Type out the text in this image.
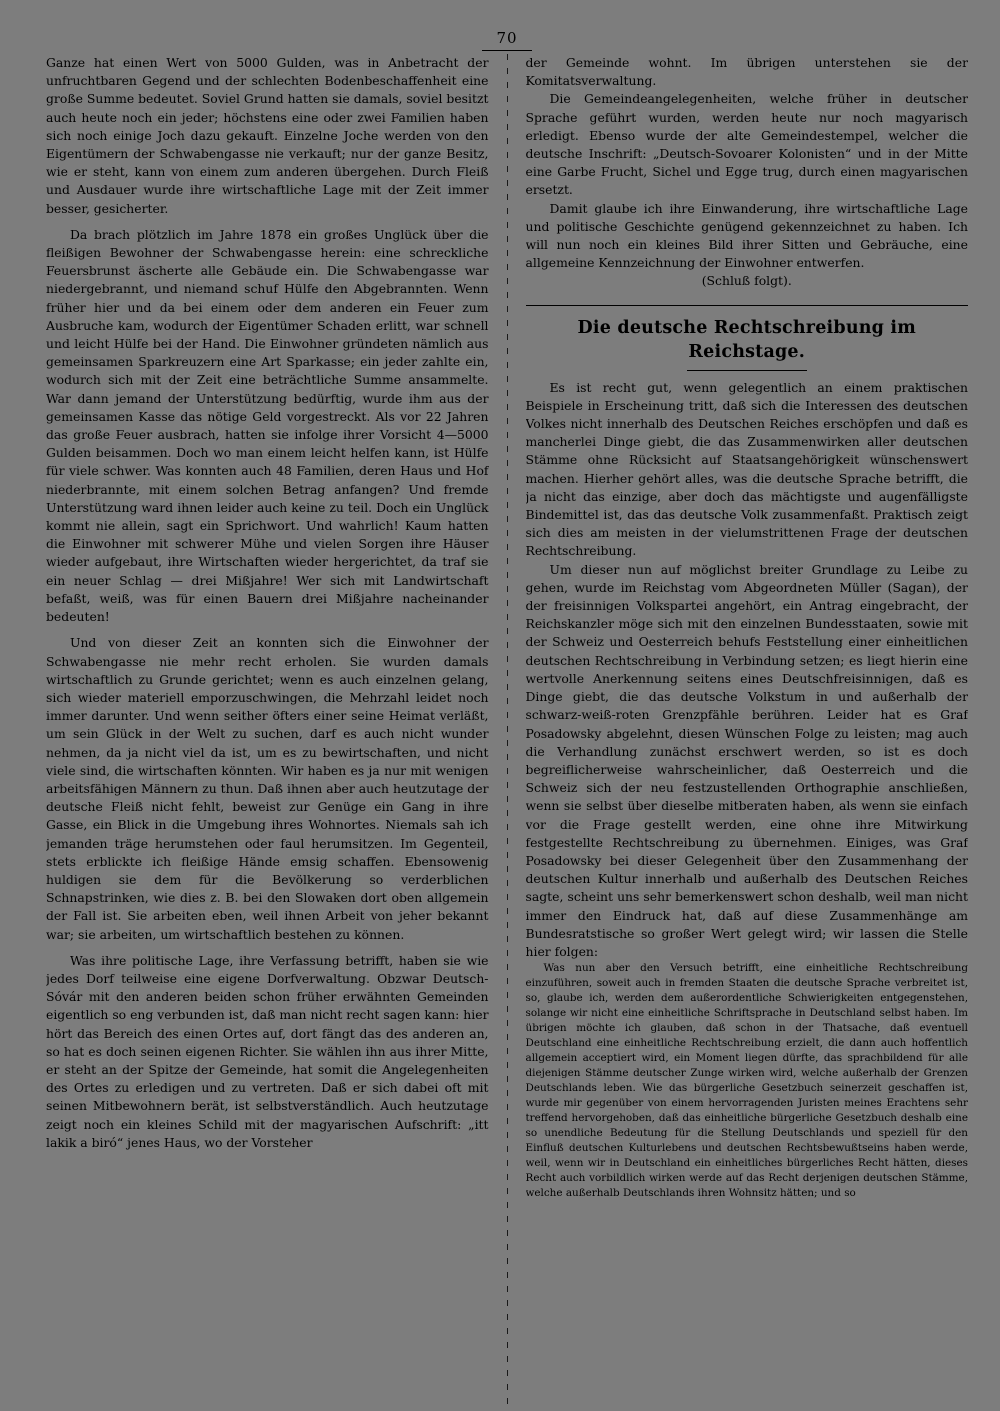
70

Ganze hat einen Wert von 5000 Gulden, was in Anbetracht der unfruchtbaren Gegend und der schlechten Bodenbeschaffenheit eine große Summe bedeutet. Soviel Grund hatten sie damals, soviel besitzt auch heute noch ein jeder; höchstens eine oder zwei Familien haben sich noch einige Joch dazu gekauft. Einzelne Joche werden von den Eigentümern der Schwabengasse nie verkauft; nur der ganze Besitz, wie er steht, kann von einem zum anderen übergehen. Durch Fleiß und Ausdauer wurde ihre wirtschaftliche Lage mit der Zeit immer besser, gesicherter.

Da brach plötzlich im Jahre 1878 ein großes Unglück über die fleißigen Bewohner der Schwabengasse herein: eine schreckliche Feuersbrunst äscherte alle Gebäude ein. Die Schwabengasse war niedergebrannt, und niemand schuf Hülfe den Abgebrannten. Wenn früher hier und da bei einem oder dem anderen ein Feuer zum Ausbruche kam, wodurch der Eigentümer Schaden erlitt, war schnell und leicht Hülfe bei der Hand. Die Einwohner gründeten nämlich aus gemeinsamen Sparkreuzern eine Art Sparkasse; ein jeder zahlte ein, wodurch sich mit der Zeit eine beträchtliche Summe ansammelte. War dann jemand der Unterstützung bedürftig, wurde ihm aus der gemeinsamen Kasse das nötige Geld vorgestreckt. Als vor 22 Jahren das große Feuer ausbrach, hatten sie infolge ihrer Vorsicht 4—5000 Gulden beisammen. Doch wo man einem leicht helfen kann, ist Hülfe für viele schwer. Was konnten auch 48 Familien, deren Haus und Hof niederbrannte, mit einem solchen Betrag anfangen? Und fremde Unterstützung ward ihnen leider auch keine zu teil. Doch ein Unglück kommt nie allein, sagt ein Sprichwort. Und wahrlich! Kaum hatten die Einwohner mit schwerer Mühe und vielen Sorgen ihre Häuser wieder aufgebaut, ihre Wirtschaften wieder hergerichtet, da traf sie ein neuer Schlag — drei Mißjahre! Wer sich mit Landwirtschaft befaßt, weiß, was für einen Bauern drei Mißjahre nacheinander bedeuten!

Und von dieser Zeit an konnten sich die Einwohner der Schwabengasse nie mehr recht erholen. Sie wurden damals wirtschaftlich zu Grunde gerichtet; wenn es auch einzelnen gelang, sich wieder materiell emporzuschwingen, die Mehrzahl leidet noch immer darunter. Und wenn seither öfters einer seine Heimat verläßt, um sein Glück in der Welt zu suchen, darf es auch nicht wunder nehmen, da ja nicht viel da ist, um es zu bewirtschaften, und nicht viele sind, die wirtschaften könnten. Wir haben es ja nur mit wenigen arbeitsfähigen Männern zu thun. Daß ihnen aber auch heutzutage der deutsche Fleiß nicht fehlt, beweist zur Genüge ein Gang in ihre Gasse, ein Blick in die Umgebung ihres Wohnortes. Niemals sah ich jemanden träge herumstehen oder faul herumsitzen. Im Gegenteil, stets erblickte ich fleißige Hände emsig schaffen. Ebensowenig huldigen sie dem für die Bevölkerung so verderblichen Schnapstrinken, wie dies z. B. bei den Slowaken dort oben allgemein der Fall ist. Sie arbeiten eben, weil ihnen Arbeit von jeher bekannt war; sie arbeiten, um wirtschaftlich bestehen zu können.

Was ihre politische Lage, ihre Verfassung betrifft, haben sie wie jedes Dorf teilweise eine eigene Dorfverwaltung. Obzwar Deutsch-Sóvár mit den anderen beiden schon früher erwähnten Gemeinden eigentlich so eng verbunden ist, daß man nicht recht sagen kann: hier hört das Bereich des einen Ortes auf, dort fängt das des anderen an, so hat es doch seinen eigenen Richter. Sie wählen ihn aus ihrer Mitte, er steht an der Spitze der Gemeinde, hat somit die Angelegenheiten des Ortes zu erledigen und zu vertreten. Daß er sich dabei oft mit seinen Mitbewohnern berät, ist selbstverständlich. Auch heutzutage zeigt noch ein kleines Schild mit der magyarischen Aufschrift: „itt lakik a biró“ jenes Haus, wo der Vorsteher

der Gemeinde wohnt. Im übrigen unterstehen sie der Komitatsverwaltung.

Die Gemeindeangelegenheiten, welche früher in deutscher Sprache geführt wurden, werden heute nur noch magyarisch erledigt. Ebenso wurde der alte Gemeindestempel, welcher die deutsche Inschrift: „Deutsch-Sovoarer Kolonisten“ und in der Mitte eine Garbe Frucht, Sichel und Egge trug, durch einen magyarischen ersetzt.

Damit glaube ich ihre Einwanderung, ihre wirtschaftliche Lage und politische Geschichte genügend gekennzeichnet zu haben. Ich will nun noch ein kleines Bild ihrer Sitten und Gebräuche, eine allgemeine Kennzeichnung der Einwohner entwerfen.

(Schluß folgt).

Die deutsche Rechtschreibung im Reichstage.

Es ist recht gut, wenn gelegentlich an einem praktischen Beispiele in Erscheinung tritt, daß sich die Interessen des deutschen Volkes nicht innerhalb des Deutschen Reiches erschöpfen und daß es mancherlei Dinge giebt, die das Zusammenwirken aller deutschen Stämme ohne Rücksicht auf Staatsangehörigkeit wünschenswert machen. Hierher gehört alles, was die deutsche Sprache betrifft, die ja nicht das einzige, aber doch das mächtigste und augenfälligste Bindemittel ist, das das deutsche Volk zusammenfaßt. Praktisch zeigt sich dies am meisten in der vielumstrittenen Frage der deutschen Rechtschreibung.

Um dieser nun auf möglichst breiter Grundlage zu Leibe zu gehen, wurde im Reichstag vom Abgeordneten Müller (Sagan), der der freisinnigen Volkspartei angehört, ein Antrag eingebracht, der Reichskanzler möge sich mit den einzelnen Bundesstaaten, sowie mit der Schweiz und Oesterreich behufs Feststellung einer einheitlichen deutschen Rechtschreibung in Verbindung setzen; es liegt hierin eine wertvolle Anerkennung seitens eines Deutschfreisinnigen, daß es Dinge giebt, die das deutsche Volkstum in und außerhalb der schwarz-weiß-roten Grenzpfähle berühren. Leider hat es Graf Posadowsky abgelehnt, diesen Wünschen Folge zu leisten; mag auch die Verhandlung zunächst erschwert werden, so ist es doch begreiflicherweise wahrscheinlicher, daß Oesterreich und die Schweiz sich der neu festzustellenden Orthographie anschließen, wenn sie selbst über dieselbe mitberaten haben, als wenn sie einfach vor die Frage gestellt werden, eine ohne ihre Mitwirkung festgestellte Rechtschreibung zu übernehmen. Einiges, was Graf Posadowsky bei dieser Gelegenheit über den Zusammenhang der deutschen Kultur innerhalb und außerhalb des Deutschen Reiches sagte, scheint uns sehr bemerkenswert schon deshalb, weil man nicht immer den Eindruck hat, daß auf diese Zusammenhänge am Bundesratstische so großer Wert gelegt wird; wir lassen die Stelle hier folgen:

Was nun aber den Versuch betrifft, eine einheitliche Rechtschreibung einzuführen, soweit auch in fremden Staaten die deutsche Sprache verbreitet ist, so, glaube ich, werden dem außerordentliche Schwierigkeiten entgegenstehen, solange wir nicht eine einheitliche Schriftsprache in Deutschland selbst haben. Im übrigen möchte ich glauben, daß schon in der Thatsache, daß eventuell Deutschland eine einheitliche Rechtschreibung erzielt, die dann auch hoffentlich allgemein acceptiert wird, ein Moment liegen dürfte, das sprachbildend für alle diejenigen Stämme deutscher Zunge wirken wird, welche außerhalb der Grenzen Deutschlands leben. Wie das bürgerliche Gesetzbuch seinerzeit geschaffen ist, wurde mir gegenüber von einem hervorragenden Juristen meines Erachtens sehr treffend hervorgehoben, daß das einheitliche bürgerliche Gesetzbuch deshalb eine so unendliche Bedeutung für die Stellung Deutschlands und speziell für den Einfluß deutschen Kulturlebens und deutschen Rechtsbewußtseins haben werde, weil, wenn wir in Deutschland ein einheitliches bürgerliches Recht hätten, dieses Recht auch vorbildlich wirken werde auf das Recht derjenigen deutschen Stämme, welche außerhalb Deutschlands ihren Wohnsitz hätten; und so
